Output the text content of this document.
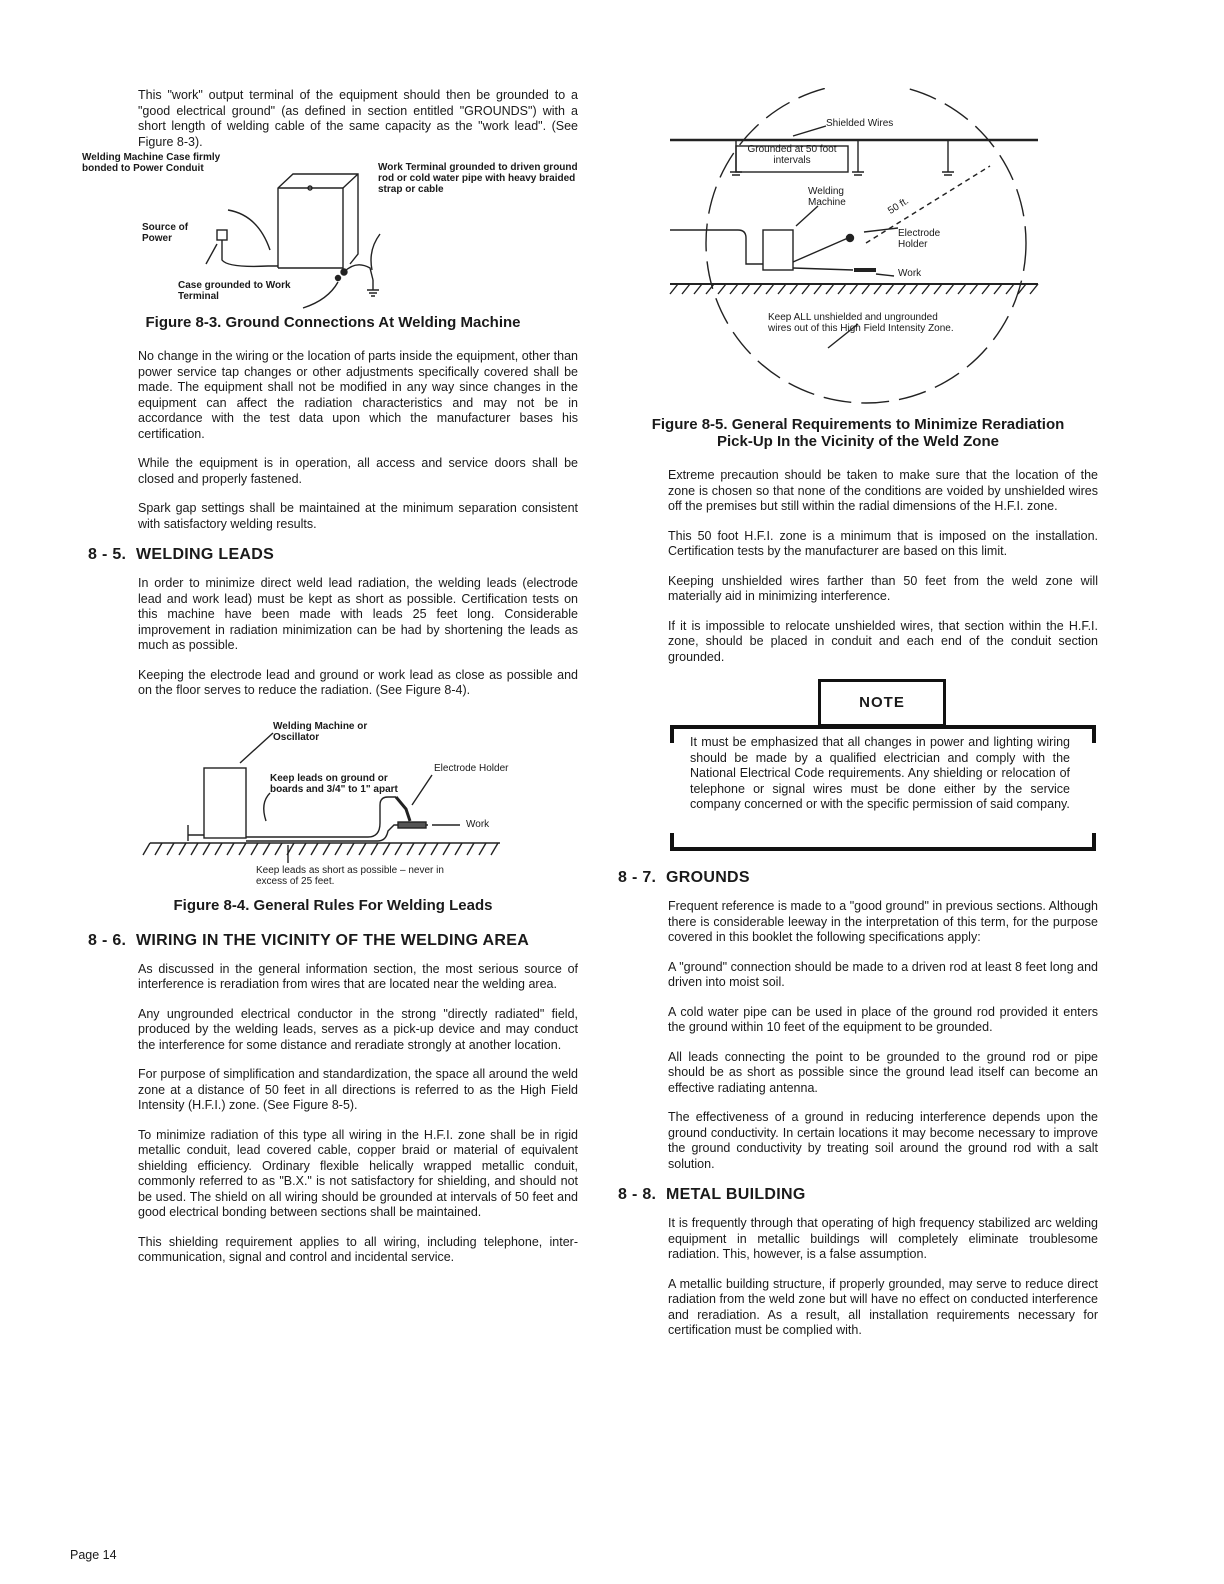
This "work" output terminal of the equipment should then be grounded to a "good electrical ground" (as defined in section entitled "GROUNDS") with a short length of welding cable of the same capacity as the "work lead". (See Figure 8-3).

Welding Machine Case firmly bonded to Power Conduit
Source of Power
Work Terminal grounded to driven ground rod or cold water pipe with heavy braided strap or cable
Case grounded to Work Terminal
Figure 8-3. Ground Connections At Welding Machine

No change in the wiring or the location of parts inside the equipment, other than power service tap changes or other adjustments specifically covered shall be made. The equipment shall not be modified in any way since changes in the equipment can affect the radiation characteristics and may not be in accordance with the test data upon which the manufacturer bases his certification.

While the equipment is in operation, all access and service doors shall be closed and properly fastened.

Spark gap settings shall be maintained at the minimum separation consistent with satisfactory welding results.

8 - 5. WELDING LEADS

In order to minimize direct weld lead radiation, the welding leads (electrode lead and work lead) must be kept as short as possible. Certification tests on this machine have been made with leads 25 feet long. Considerable improvement in radiation minimization can be had by shortening the leads as much as possible.

Keeping the electrode lead and ground or work lead as close as possible and on the floor serves to reduce the radiation. (See Figure 8-4).

Welding Machine or Oscillator
Keep leads on ground or boards and 3/4" to 1" apart
Electrode Holder
Work
Keep leads as short as possible – never in excess of 25 feet.
Figure 8-4. General Rules For Welding Leads
8 - 6. WIRING IN THE VICINITY OF THE WELDING AREA

As discussed in the general information section, the most serious source of interference is reradiation from wires that are located near the welding area.

Any ungrounded electrical conductor in the strong "directly radiated" field, produced by the welding leads, serves as a pick-up device and may conduct the interference for some distance and reradiate strongly at another location.

For purpose of simplification and standardization, the space all around the weld zone at a distance of 50 feet in all directions is referred to as the High Field Intensity (H.F.I.) zone. (See Figure 8-5).

To minimize radiation of this type all wiring in the H.F.I. zone shall be in rigid metallic conduit, lead covered cable, copper braid or material of equivalent shielding efficiency. Ordinary flexible helically wrapped metallic conduit, commonly referred to as "B.X." is not satisfactory for shielding, and should not be used. The shield on all wiring should be grounded at intervals of 50 feet and good electrical bonding between sections shall be maintained.

This shielding requirement applies to all wiring, including telephone, inter-communication, signal and control and incidental service.

Shielded Wires
Grounded at 50 foot intervals
Welding Machine	50 ft.
Electrode Holder
Work
Keep ALL unshielded and ungrounded wires out of this High Field Intensity Zone.
Figure 8-5. General Requirements to Minimize Reradiation
Pick-Up In the Vicinity of the Weld Zone

Extreme precaution should be taken to make sure that the location of the zone is chosen so that none of the conditions are voided by unshielded wires off the premises but still within the radial dimensions of the H.F.I. zone.

This 50 foot H.F.I. zone is a minimum that is imposed on the installation. Certification tests by the manufacturer are based on this limit.

Keeping unshielded wires farther than 50 feet from the weld zone will materially aid in minimizing interference.

If it is impossible to relocate unshielded wires, that section within the H.F.I. zone, should be placed in conduit and each end of the conduit section grounded.

NOTE
It must be emphasized that all changes in power and lighting wiring should be made by a qualified electrician and comply with the National Electrical Code requirements. Any shielding or relocation of telephone or signal wires must be done either by the service company concerned or with the specific permission of said company.
8 - 7. GROUNDS

Frequent reference is made to a "good ground" in previous sections. Although there is considerable leeway in the interpretation of this term, for the purpose covered in this booklet the following specifications apply:

A "ground" connection should be made to a driven rod at least 8 feet long and driven into moist soil.

A cold water pipe can be used in place of the ground rod provided it enters the ground within 10 feet of the equipment to be grounded.

All leads connecting the point to be grounded to the ground rod or pipe should be as short as possible since the ground lead itself can become an effective radiating antenna.

The effectiveness of a ground in reducing interference depends upon the ground conductivity. In certain locations it may become necessary to improve the ground conductivity by treating soil around the ground rod with a salt solution.

8 - 8. METAL BUILDING

It is frequently through that operating of high frequency stabilized arc welding equipment in metallic buildings will completely eliminate troublesome radiation. This, however, is a false assumption.

A metallic building structure, if properly grounded, may serve to reduce direct radiation from the weld zone but will have no effect on conducted interference and reradiation. As a result, all installation requirements necessary for certification must be complied with.

Page 14
